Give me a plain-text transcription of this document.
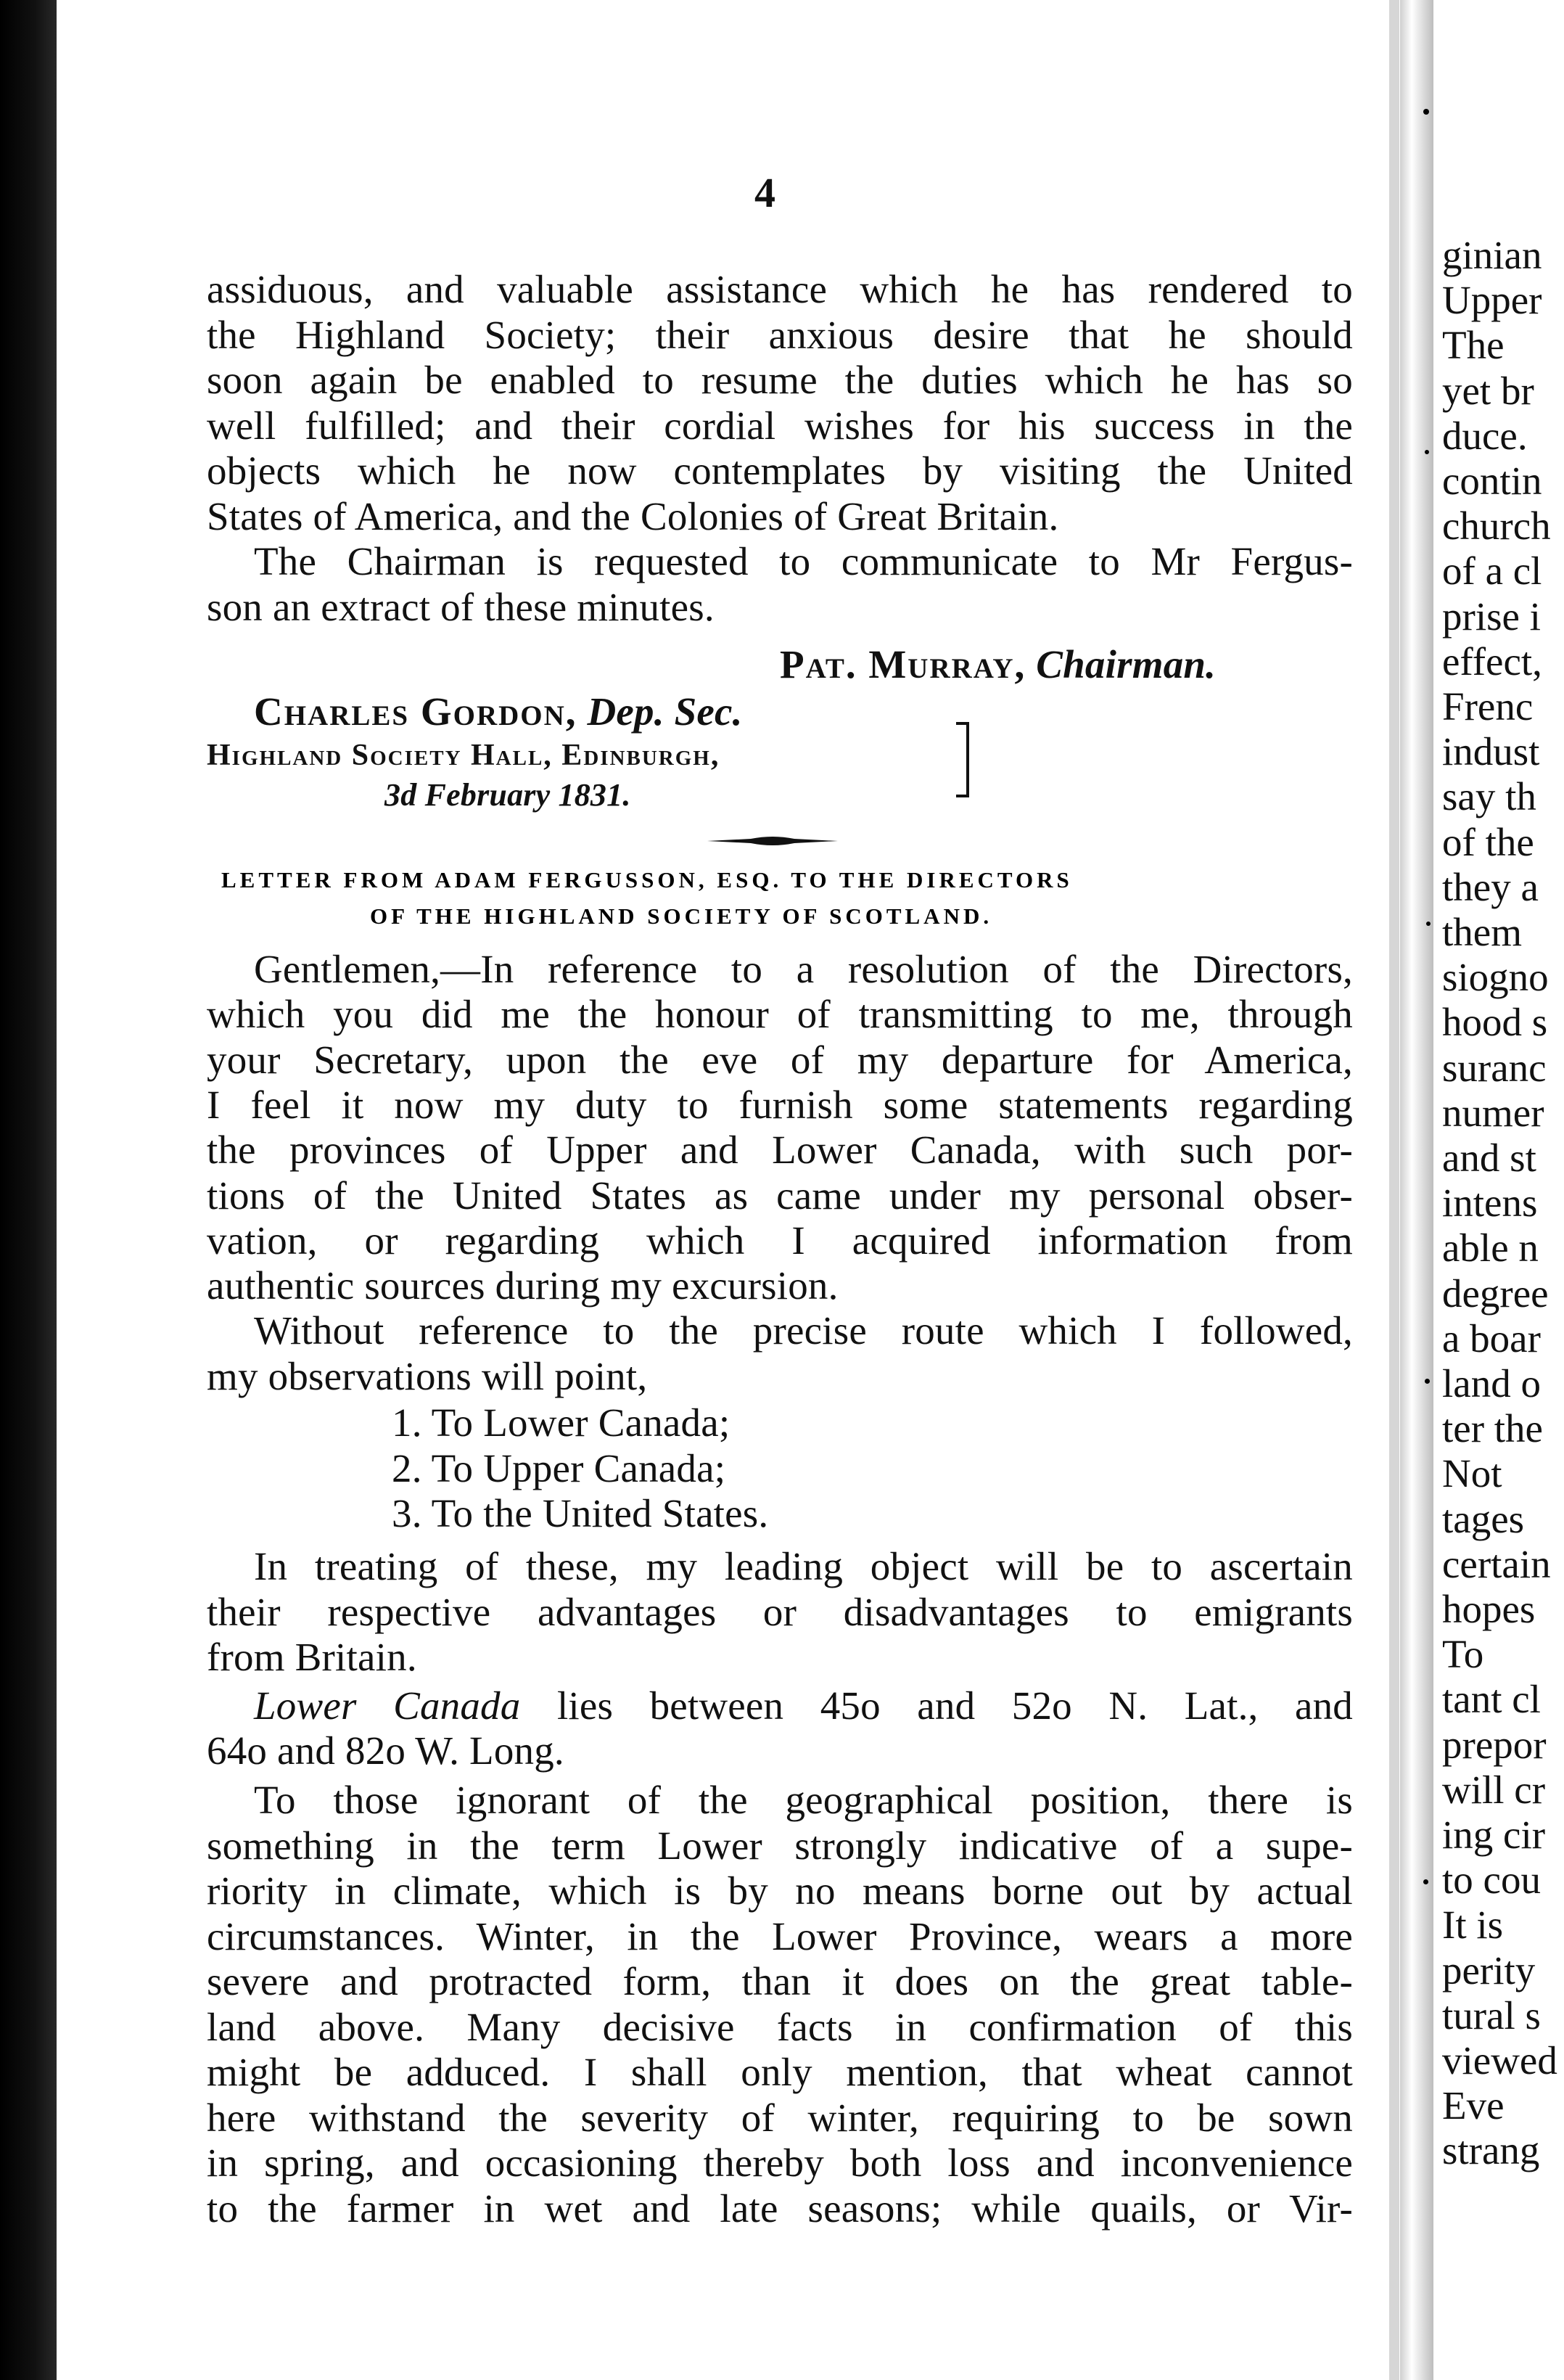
ginian
Upper
The
yet br
duce.
contin
church
of a cl
prise i
effect,
Frenc
indust
say th
of the
they a
them
siogno
hood s
suranc
numer
and st
intens
able n
degree
a boar
land o
ter the
Not
tages
certain
hopes
To
tant cl
prepor
will cr
ing cir
to cou
It is
perity
tural s
viewed
Eve
strang
4
assiduous, and valuable assistance which he has rendered to
the Highland Society; their anxious desire that he should
soon again be enabled to resume the duties which he has so
well fulfilled; and their cordial wishes for his success in the
objects which he now contemplates by visiting the United
States of America, and the Colonies of Great Britain.
The Chairman is requested to communicate to Mr Fergus-
son an extract of these minutes.
Pat. Murray, Chairman.
Charles Gordon, Dep. Sec.
Highland Society Hall, Edinburgh,
3d February 1831.
LETTER FROM ADAM FERGUSSON, ESQ. TO THE DIRECTORS
OF THE HIGHLAND SOCIETY OF SCOTLAND.
Gentlemen,—In reference to a resolution of the Directors,
which you did me the honour of transmitting to me, through
your Secretary, upon the eve of my departure for America,
I feel it now my duty to furnish some statements regarding
the provinces of Upper and Lower Canada, with such por-
tions of the United States as came under my personal obser-
vation, or regarding which I acquired information from
authentic sources during my excursion.
Without reference to the precise route which I followed,
my observations will point,
1. To Lower Canada;
2. To Upper Canada;
3. To the United States.
In treating of these, my leading object will be to ascertain
their respective advantages or disadvantages to emigrants
from Britain.
Lower Canada lies between 45o and 52o N. Lat., and
64o and 82o W. Long.
To those ignorant of the geographical position, there is
something in the term Lower strongly indicative of a supe-
riority in climate, which is by no means borne out by actual
circumstances. Winter, in the Lower Province, wears a more
severe and protracted form, than it does on the great table-
land above. Many decisive facts in confirmation of this
might be adduced. I shall only mention, that wheat cannot
here withstand the severity of winter, requiring to be sown
in spring, and occasioning thereby both loss and inconvenience
to the farmer in wet and late seasons; while quails, or Vir-
